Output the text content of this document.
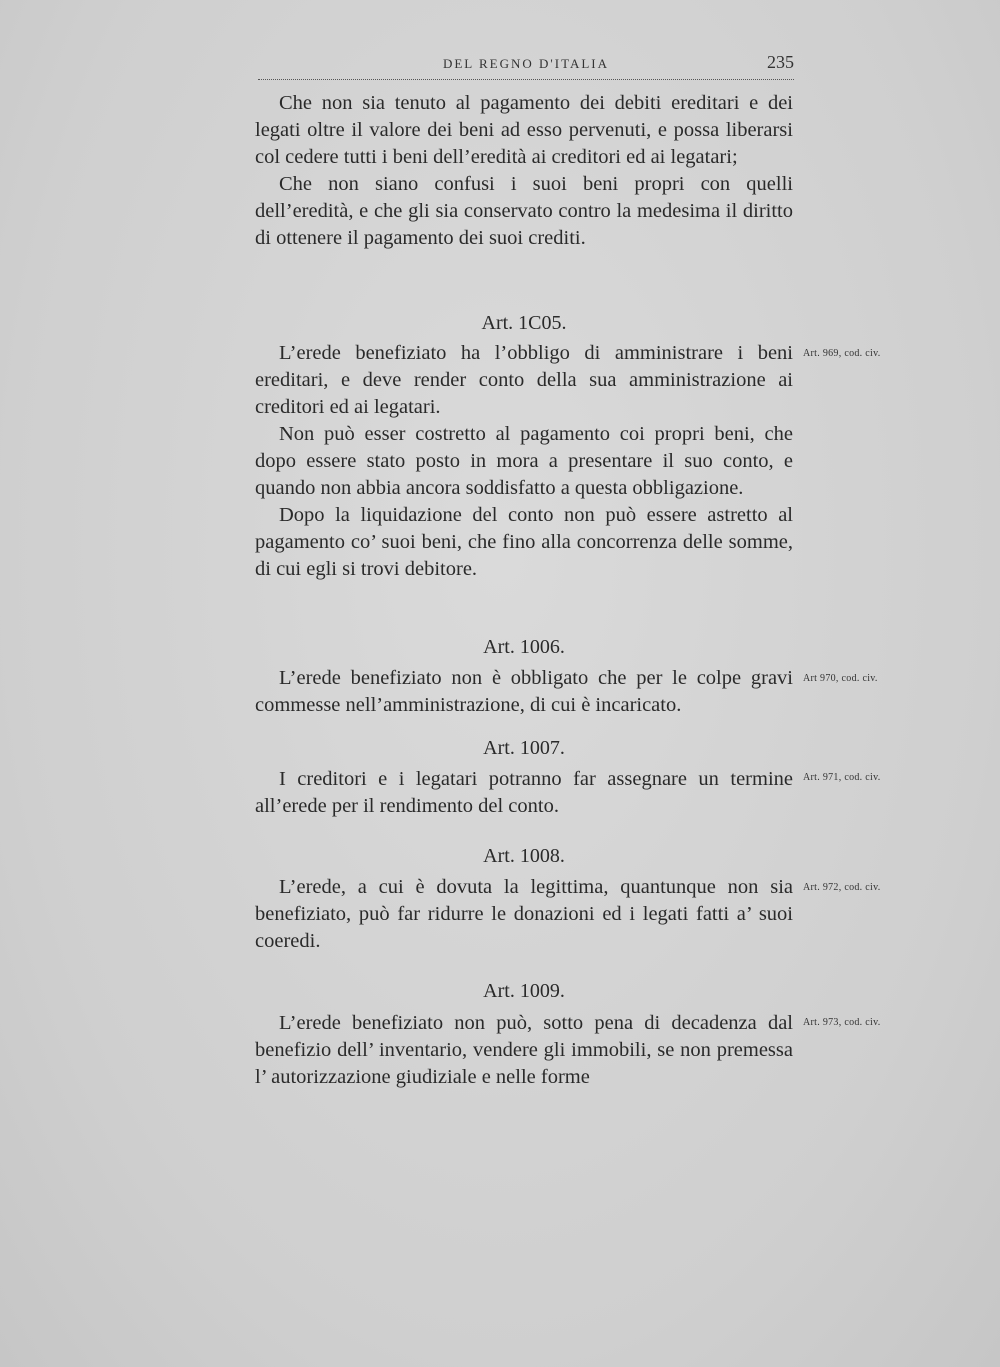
DEL REGNO D'ITALIA	235

Che non sia tenuto al pagamento dei debiti ereditari e dei legati oltre il valore dei beni ad esso pervenuti, e possa liberarsi col cedere tutti i beni dell’eredità ai creditori ed ai legatari;

Che non siano confusi i suoi beni propri con quelli dell’eredità, e che gli sia conservato contro la medesima il diritto di ottenere il pagamento dei suoi crediti.

Art. 1C05.
Art. 969, cod. civ.

L’erede benefiziato ha l’obbligo di amministrare i beni ereditari, e deve render conto della sua amministrazione ai creditori ed ai legatari.

Non può esser costretto al pagamento coi propri beni, che dopo essere stato posto in mora a presentare il suo conto, e quando non abbia ancora soddisfatto a questa obbligazione.

Dopo la liquidazione del conto non può essere astretto al pagamento co’ suoi beni, che fino alla concorrenza delle somme, di cui egli si trovi debitore.

Art. 1006.
Art 970, cod. civ.

L’erede benefiziato non è obbligato che per le colpe gravi commesse nell’amministrazione, di cui è incaricato.

Art. 1007.
Art. 971, cod. civ.

I creditori e i legatari potranno far assegnare un termine all’erede per il rendimento del conto.

Art. 1008.
Art. 972, cod. civ.

L’erede, a cui è dovuta la legittima, quantunque non sia benefiziato, può far ridurre le donazioni ed i legati fatti a’ suoi coeredi.

Art. 1009.
Art. 973, cod. civ.

L’erede benefiziato non può, sotto pena di decadenza dal benefizio dell’ inventario, vendere gli immobili, se non premessa l’ autorizzazione giudiziale e nelle forme
